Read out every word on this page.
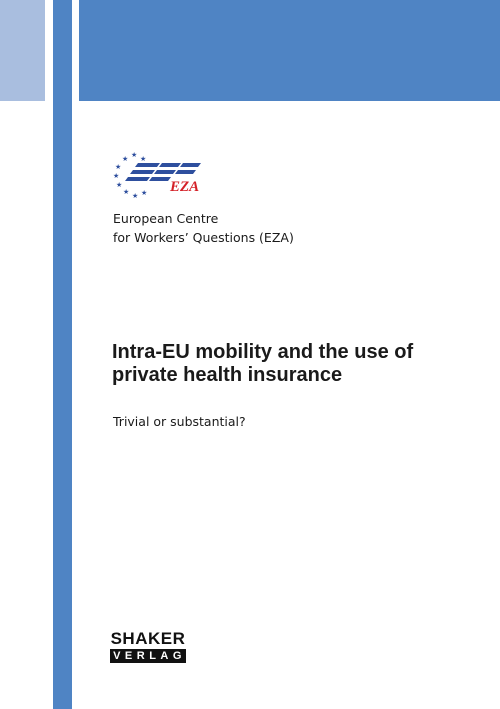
★
★
★
★
★
★ ★ ★
★
EZA
European Centre
for Workers’ Questions (EZA)
Intra-EU mobility and the use of
private health insurance
Trivial or substantial?
SHAKER
VERLAG
